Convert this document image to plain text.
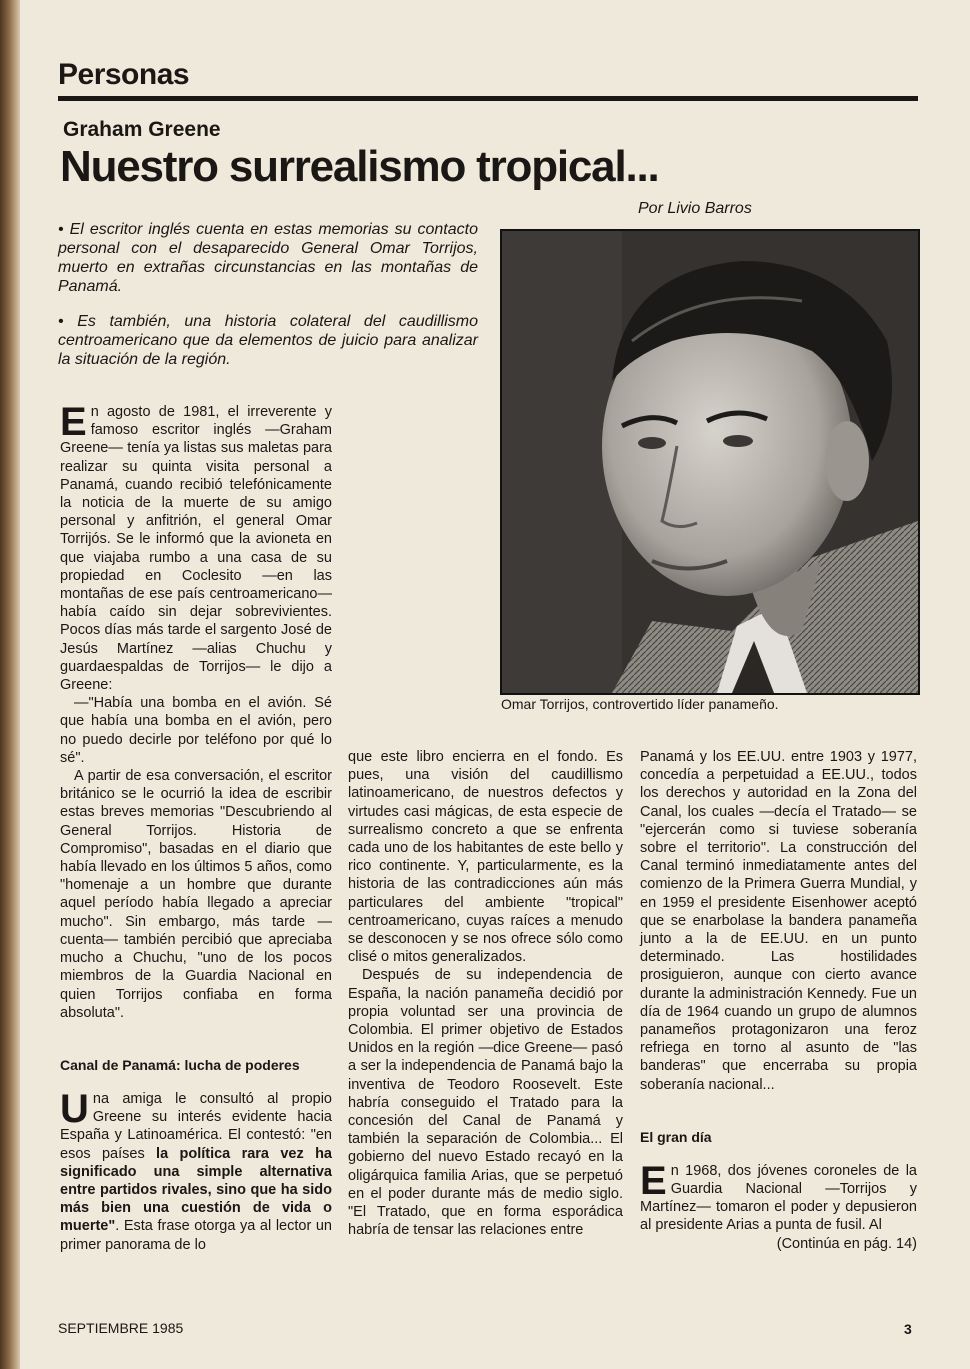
Personas
Graham Greene
Nuestro surrealismo tropical...
Por Livio Barros
• El escritor inglés cuenta en estas memorias su contacto personal con el desaparecido General Omar Torrijos, muerto en extrañas circunstancias en las montañas de Panamá.
• Es también, una historia colateral del caudillismo centroamericano que da elementos de juicio para analizar la situación de la región.
Omar Torrijos, controvertido líder panameño.

En agosto de 1981, el irreverente y famoso escritor inglés —Graham Greene— tenía ya listas sus maletas para realizar su quinta visita personal a Panamá, cuando recibió telefónicamente la noticia de la muerte de su amigo personal y anfitrión, el general Omar Torrijós. Se le informó que la avioneta en que viajaba rumbo a una casa de su propiedad en Coclesito —en las montañas de ese país centroamericano— había caído sin dejar sobrevivientes. Pocos días más tarde el sargento José de Jesús Martínez —alias Chuchu y guardaespaldas de Torrijos— le dijo a Greene:

—"Había una bomba en el avión. Sé que había una bomba en el avión, pero no puedo decirle por teléfono por qué lo sé".

A partir de esa conversación, el escritor británico se le ocurrió la idea de escribir estas breves memorias "Descubriendo al General Torrijos. Historia de Compromiso", basadas en el diario que había llevado en los últimos 5 años, como "homenaje a un hombre que durante aquel período había llegado a apreciar mucho". Sin embargo, más tarde —cuenta— también percibió que apreciaba mucho a Chuchu, "uno de los pocos miembros de la Guardia Nacional en quien Torrijos confiaba en forma absoluta".

Canal de Panamá: lucha de poderes

Una amiga le consultó al propio Greene su interés evidente hacia España y Latinoamérica. El contestó: "en esos países la política rara vez ha significado una simple alternativa entre partidos rivales, sino que ha sido más bien una cuestión de vida o muerte". Esta frase otorga ya al lector un primer panorama de lo

que este libro encierra en el fondo. Es pues, una visión del caudillismo latinoamericano, de nuestros defectos y virtudes casi mágicas, de esta especie de surrealismo concreto a que se enfrenta cada uno de los habitantes de este bello y rico continente. Y, particularmente, es la historia de las contradicciones aún más particulares del ambiente "tropical" centroamericano, cuyas raíces a menudo se desconocen y se nos ofrece sólo como clisé o mitos generalizados.

Después de su independencia de España, la nación panameña decidió por propia voluntad ser una provincia de Colombia. El primer objetivo de Estados Unidos en la región —dice Greene— pasó a ser la independencia de Panamá bajo la inventiva de Teodoro Roosevelt. Este habría conseguido el Tratado para la concesión del Canal de Panamá y también la separación de Colombia... El gobierno del nuevo Estado recayó en la oligárquica familia Arias, que se perpetuó en el poder durante más de medio siglo. "El Tratado, que en forma esporádica habría de tensar las relaciones entre

Panamá y los EE.UU. entre 1903 y 1977, concedía a perpetuidad a EE.UU., todos los derechos y autoridad en la Zona del Canal, los cuales —decía el Tratado— se "ejercerán como si tuviese soberanía sobre el territorio". La construcción del Canal terminó inmediatamente antes del comienzo de la Primera Guerra Mundial, y en 1959 el presidente Eisenhower aceptó que se enarbolase la bandera panameña junto a la de EE.UU. en un punto determinado. Las hostilidades prosiguieron, aunque con cierto avance durante la administración Kennedy. Fue un día de 1964 cuando un grupo de alumnos panameños protagonizaron una feroz refriega en torno al asunto de "las banderas" que encerraba su propia soberanía nacional...

El gran día

En 1968, dos jóvenes coroneles de la Guardia Nacional —Torrijos y Martínez— tomaron el poder y depusieron al presidente Arias a punta de fusil. Al

(Continúa en pág. 14)

SEPTIEMBRE 1985	3
